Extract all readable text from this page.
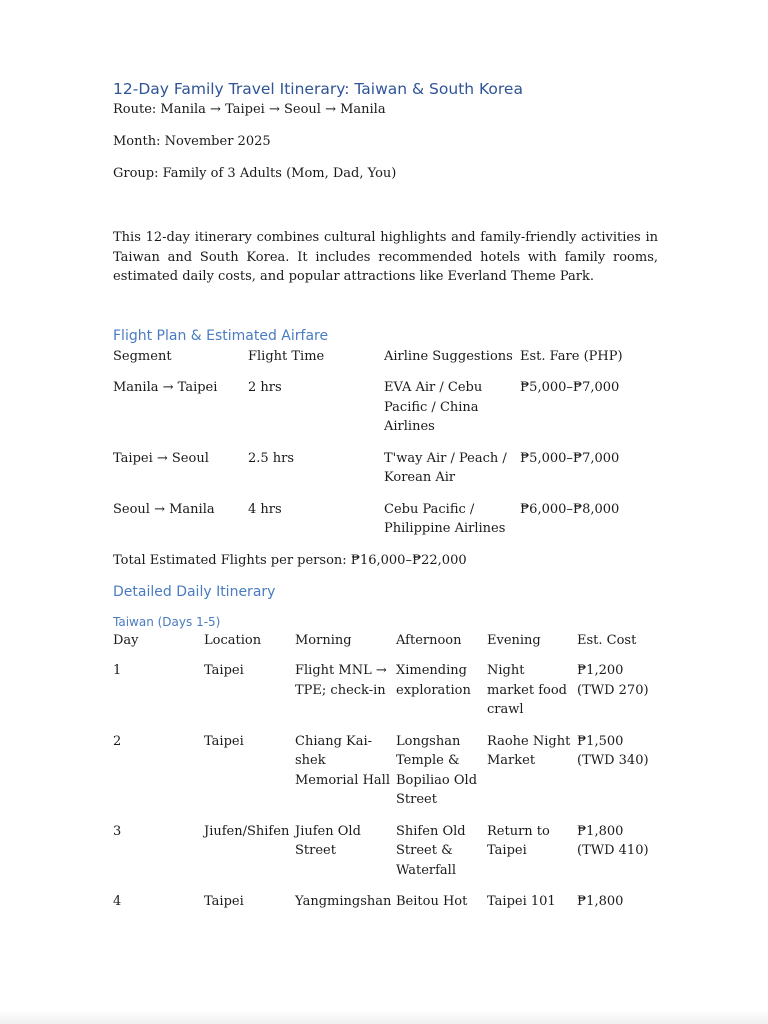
12-Day Family Travel Itinerary: Taiwan & South Korea

Route: Manila → Taipei → Seoul → Manila

Month: November 2025

Group: Family of 3 Adults (Mom, Dad, You)

This 12-day itinerary combines cultural highlights and family-friendly activities in Taiwan and South Korea. It includes recommended hotels with family rooms, estimated daily costs, and popular attractions like Everland Theme Park.

Flight Plan & Estimated Airfare
Segment	Flight Time	Airline Suggestions	Est. Fare (PHP)
Manila → Taipei	2 hrs	EVA Air / Cebu Pacific / China Airlines	₱5,000–₱7,000
Taipei → Seoul	2.5 hrs	T'way Air / Peach / Korean Air	₱5,000–₱7,000
Seoul → Manila	4 hrs	Cebu Pacific / Philippine Airlines	₱6,000–₱8,000

Total Estimated Flights per person: ₱16,000–₱22,000

Detailed Daily Itinerary
Taiwan (Days 1-5)
Day	Location	Morning	Afternoon	Evening	Est. Cost
1	Taipei	Flight MNL → TPE; check-in	Ximending exploration	Night market food crawl	₱1,200 (TWD 270)
2	Taipei	Chiang Kai-shek Memorial Hall	Longshan Temple & Bopiliao Old Street	Raohe Night Market	₱1,500 (TWD 340)
3	Jiufen/Shifen	Jiufen Old Street	Shifen Old Street & Waterfall	Return to Taipei	₱1,800 (TWD 410)
4	Taipei	Yangmingshan	Beitou Hot	Taipei 101	₱1,800
